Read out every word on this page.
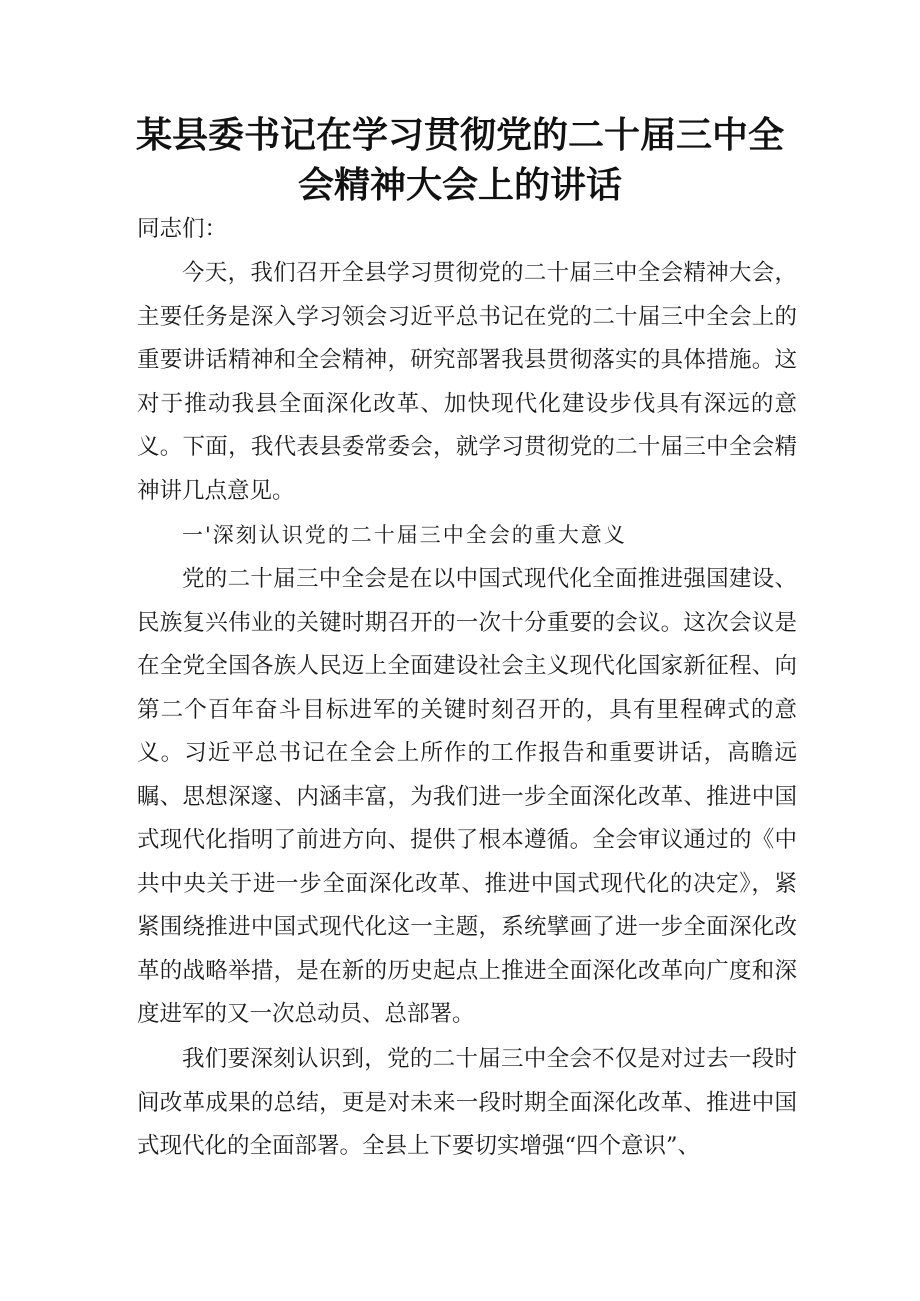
某县委书记在学习贯彻党的二十届三中全
会精神大会上的讲话

同志们：

今天，我们召开全县学习贯彻党的二十届三中全会精神大会，主要任务是深入学习领会习近平总书记在党的二十届三中全会上的重要讲话精神和全会精神，研究部署我县贯彻落实的具体措施。这对于推动我县全面深化改革、加快现代化建设步伐具有深远的意义。下面，我代表县委常委会，就学习贯彻党的二十届三中全会精神讲几点意见。

一'深刻认识党的二十届三中全会的重大意义

党的二十届三中全会是在以中国式现代化全面推进强国建设、民族复兴伟业的关键时期召开的一次十分重要的会议。这次会议是在全党全国各族人民迈上全面建设社会主义现代化国家新征程、向第二个百年奋斗目标进军的关键时刻召开的，具有里程碑式的意义。习近平总书记在全会上所作的工作报告和重要讲话，高瞻远瞩、思想深邃、内涵丰富，为我们进一步全面深化改革、推进中国式现代化指明了前进方向、提供了根本遵循。全会审议通过的《中共中央关于进一步全面深化改革、推进中国式现代化的决定》，紧紧围绕推进中国式现代化这一主题，系统擘画了进一步全面深化改革的战略举措，是在新的历史起点上推进全面深化改革向广度和深度进军的又一次总动员、总部署。

我们要深刻认识到，党的二十届三中全会不仅是对过去一段时间改革成果的总结，更是对未来一段时期全面深化改革、推进中国式现代化的全面部署。全县上下要切实增强“四个意识”、
